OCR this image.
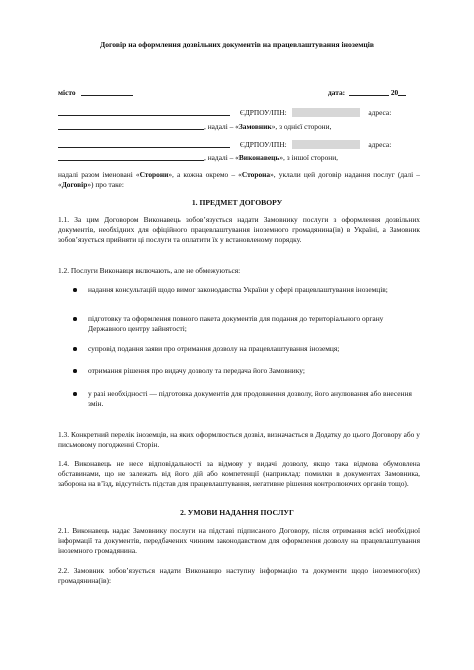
Договір на оформлення дозвільних документів на працевлаштування іноземців
місто	дата:	20
ЄДРПОУ/ІПН:	адреса:
, надалі – «Замовник», з однієї сторони,
ЄДРПОУ/ІПН:	адреса:
, надалі – «Виконавець», з іншої сторони,
надалі разом іменовані «Сторони», а кожна окремо – «Сторона», уклали цей договір надання послуг (далі – «Договір») про таке:
1. ПРЕДМЕТ ДОГОВОРУ
1.1. За цим Договором Виконавець зобов’язується надати Замовнику послуги з оформлення дозвільних документів, необхідних для офіційного працевлаштування іноземного громадянина(ів) в Україні, а Замовник зобов’язується прийняти ці послуги та оплатити їх у встановленому порядку.
1.2. Послуги Виконавця включають, але не обмежуються:
надання консультацій щодо вимог законодавства України у сфері працевлаштування іноземців;
підготовку та оформлення повного пакета документів для подання до територіального органу Державного центру зайнятості;
супровід подання заяви про отримання дозволу на працевлаштування іноземця;
отримання рішення про видачу дозволу та передача його Замовнику;
у разі необхідності — підготовка документів для продовження дозволу, його анулювання або внесення змін.
1.3. Конкретний перелік іноземців, на яких оформлюється дозвіл, визначається в Додатку до цього Договору або у письмовому погодженні Сторін.
1.4. Виконавець не несе відповідальності за відмову у видачі дозволу, якщо така відмова обумовлена обставинами, що не залежать від його дій або компетенції (наприклад: помилки в документах Замовника, заборона на в’їзд, відсутність підстав для працевлаштування, негативне рішення контролюючих органів тощо).
2. УМОВИ НАДАННЯ ПОСЛУГ
2.1. Виконавець надає Замовнику послуги на підставі підписаного Договору, після отримання всієї необхідної інформації та документів, передбачених чинним законодавством для оформлення дозволу на працевлаштування іноземного громадянина.
2.2. Замовник зобов’язується надати Виконавцю наступну інформацію та документи щодо іноземного(их) громадянина(ів):
